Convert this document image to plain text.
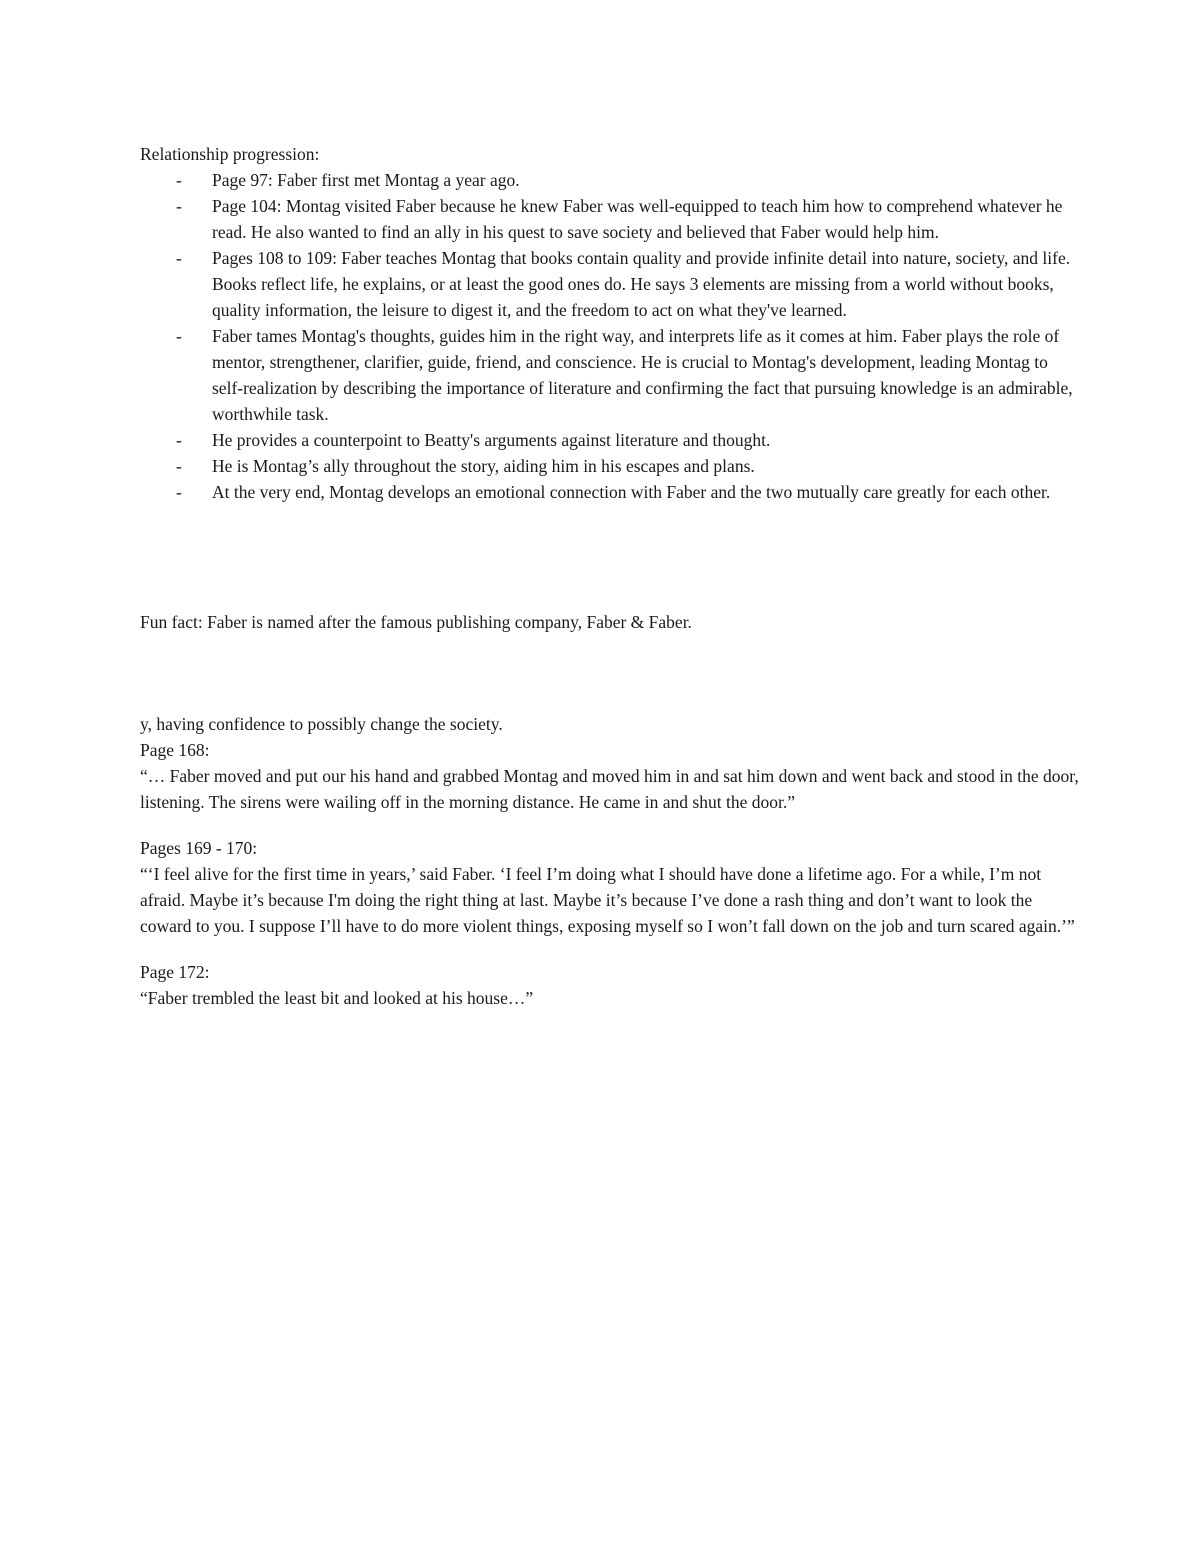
Relationship progression:

- Page 97: Faber first met Montag a year ago.
- Page 104: Montag visited Faber because he knew Faber was well-equipped to teach him how to comprehend whatever he read. He also wanted to find an ally in his quest to save society and believed that Faber would help him.
- Pages 108 to 109: Faber teaches Montag that books contain quality and provide infinite detail into nature, society, and life. Books reflect life, he explains, or at least the good ones do. He says 3 elements are missing from a world without books, quality information, the leisure to digest it, and the freedom to act on what they've learned.
- Faber tames Montag's thoughts, guides him in the right way, and interprets life as it comes at him. Faber plays the role of mentor, strengthener, clarifier, guide, friend, and conscience. He is crucial to Montag's development, leading Montag to self-realization by describing the importance of literature and confirming the fact that pursuing knowledge is an admirable, worthwhile task.
- He provides a counterpoint to Beatty's arguments against literature and thought.
- He is Montag’s ally throughout the story, aiding him in his escapes and plans.
- At the very end, Montag develops an emotional connection with Faber and the two mutually care greatly for each other.

Fun fact: Faber is named after the famous publishing company, Faber & Faber.

y, having confidence to possibly change the society.

Page 168:

“… Faber moved and put our his hand and grabbed Montag and moved him in and sat him down and went back and stood in the door, listening. The sirens were wailing off in the morning distance. He came in and shut the door.”

Pages 169 - 170:

“‘I feel alive for the first time in years,’ said Faber. ‘I feel I’m doing what I should have done a lifetime ago. For a while, I’m not afraid. Maybe it’s because I'm doing the right thing at last. Maybe it’s because I’ve done a rash thing and don’t want to look the coward to you. I suppose I’ll have to do more violent things, exposing myself so I won’t fall down on the job and turn scared again.’”

Page 172:

“Faber trembled the least bit and looked at his house…”
